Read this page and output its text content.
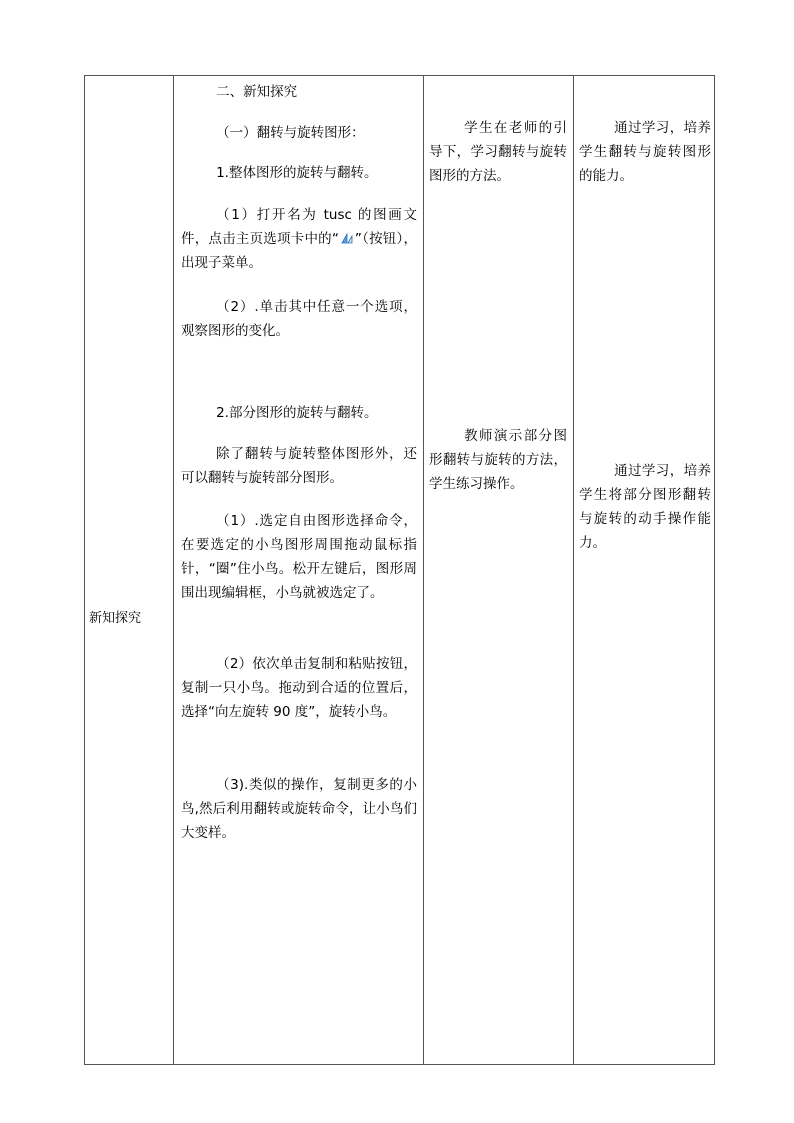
新知探究
二、新知探究
（一）翻转与旋转图形：
1.整体图形的旋转与翻转。
（1）打开名为 tusc 的图画文件，点击主页选项卡中的“ ”（按钮），出现子菜单。
（2）.单击其中任意一个选项，观察图形的变化。
2.部分图形的旋转与翻转。
除了翻转与旋转整体图形外，还可以翻转与旋转部分图形。
（1）.选定自由图形选择命令，在要选定的小鸟图形周围拖动鼠标指针，“圈”住小鸟。松开左键后，图形周围出现编辑框，小鸟就被选定了。
（2）依次单击复制和粘贴按钮，复制一只小鸟。拖动到合适的位置后，选择“向左旋转 90 度”，旋转小鸟。
（3).类似的操作，复制更多的小鸟,然后利用翻转或旋转命令，让小鸟们大变样。
学生在老师的引导下，学习翻转与旋转图形的方法。
教师演示部分图形翻转与旋转的方法，学生练习操作。
通过学习，培养学生翻转与旋转图形的能力。
通过学习，培养学生将部分图形翻转与旋转的动手操作能力。
